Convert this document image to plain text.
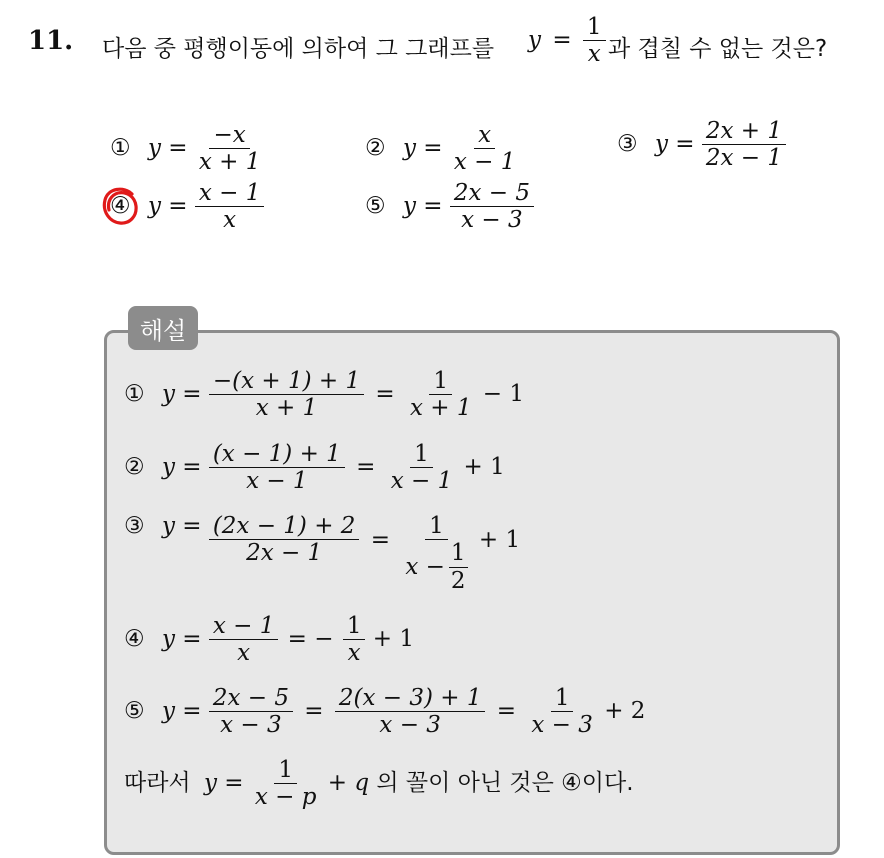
11. 다음 중 평행이동에 의하여 그 그래프를 $y = \frac{1}{x}$ 과 겹칠 수 없는 것은?
① $y = \frac{-x}{x + 1}$	② $y = \frac{x}{x - 1}$	③ $y = \frac{2x + 1}{2x - 1}$
④ $y = \frac{x - 1}{x}$	⑤ $y = \frac{2x - 5}{x - 3}$
해설
① $y = \frac{-(x + 1) + 1}{x + 1} = \frac{1}{x + 1} - 1$
② $y = \frac{(x - 1) + 1}{x - 1} = \frac{1}{x - 1} + 1$
③ $y = \frac{(2x - 1) + 2}{2x - 1} = \frac{1}{x - \frac{1}{2}} + 1$
④ $y = \frac{x - 1}{x}$ = − $\frac{1}{x} + 1$
⑤ $y = \frac{2x - 5}{x - 3} = \frac{2(x - 3) + 1}{x - 3} = \frac{1}{x - 3} + 2$
따라서 $y = \frac{1}{x - p} + q$ 의 꼴이 아닌 것은 ④이다.
